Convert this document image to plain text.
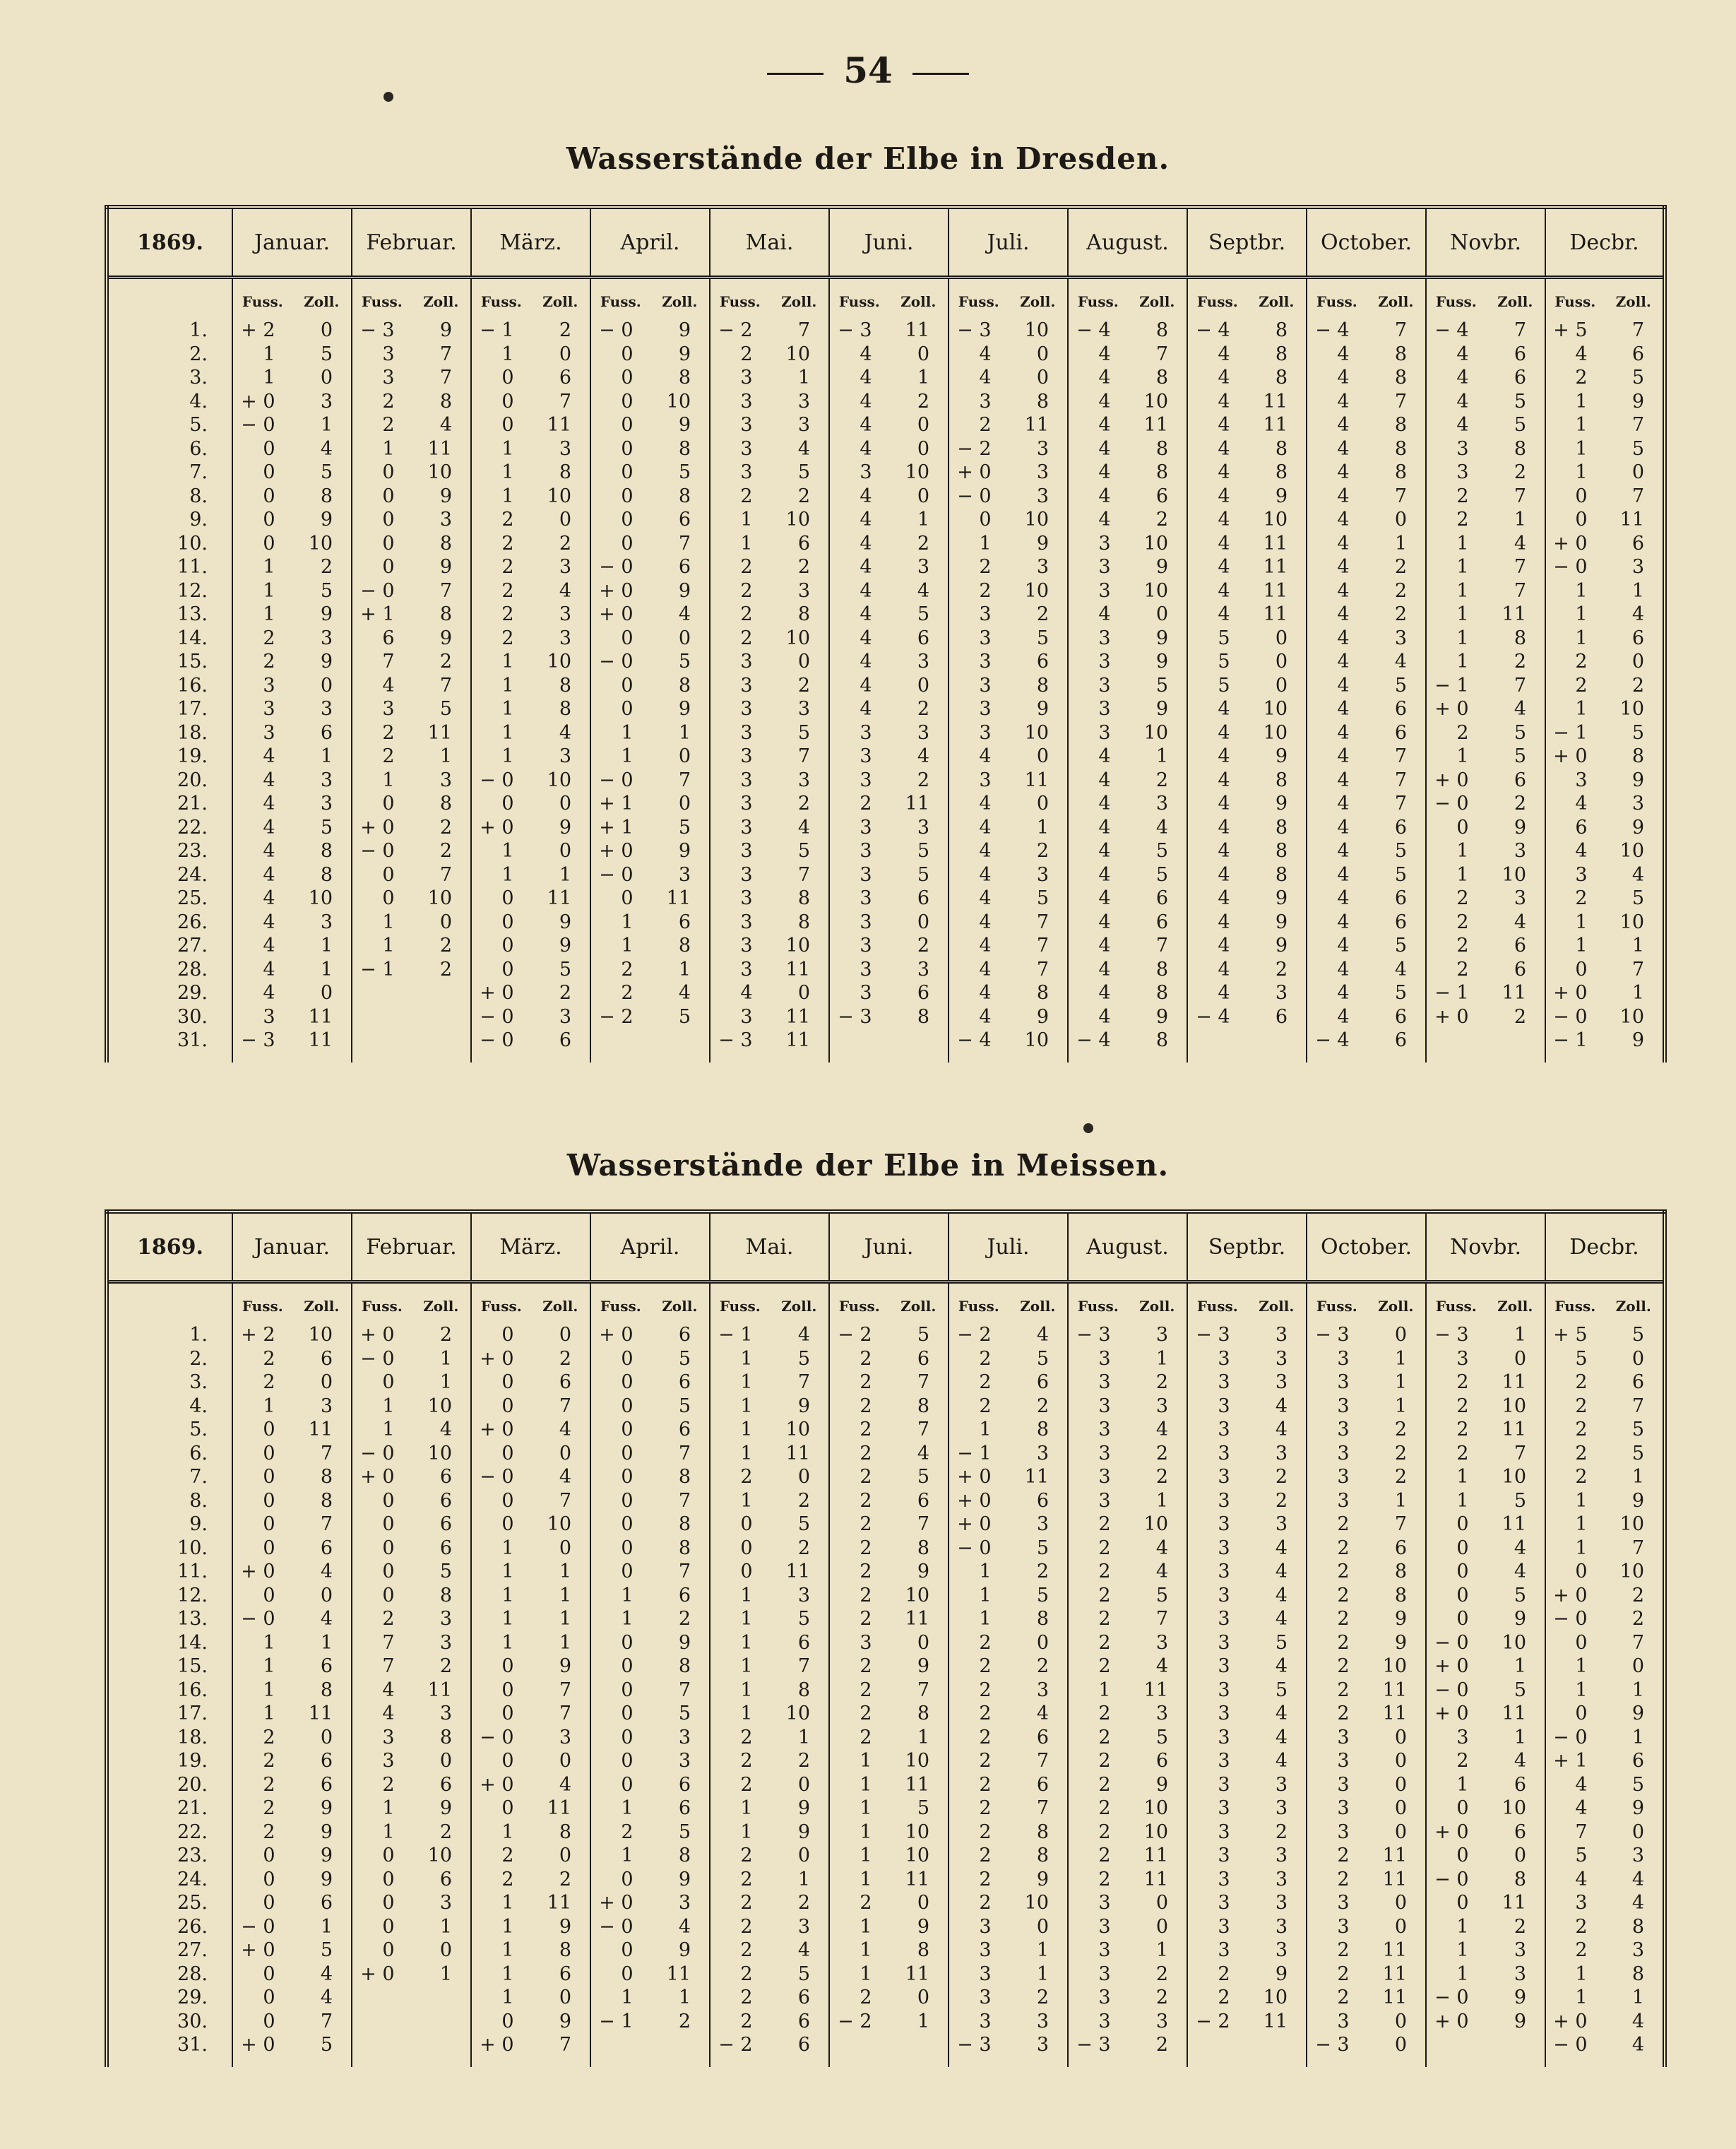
54
Wasserstände der Elbe in Dresden.
1869.	Januar.	Februar.	März.	April.	Mai.	Juni.	Juli.	August.	Septbr.	October.	Novbr.	Decbr.

	Fuss. Zoll.	Fuss. Zoll.	Fuss. Zoll.	Fuss. Zoll.	Fuss. Zoll.	Fuss. Zoll.	Fuss. Zoll.	Fuss. Zoll.	Fuss. Zoll.	Fuss. Zoll.	Fuss. Zoll.	Fuss. Zoll.

1.	+ 2 0	− 3 9	− 1 2	− 0 9	− 2 7	− 3 11	− 3 10	− 4 8	− 4 8	− 4 7	− 4 7	+ 5 7

2.	1 5	3 7	1 0	0 9	2 10	4 0	4 0	4 7	4 8	4 8	4 6	4 6

3.	1 0	3 7	0 6	0 8	3 1	4 1	4 0	4 8	4 8	4 8	4 6	2 5

4.	+ 0 3	2 8	0 7	0 10	3 3	4 2	3 8	4 10	4 11	4 7	4 5	1 9

5.	− 0 1	2 4	0 11	0 9	3 3	4 0	2 11	4 11	4 11	4 8	4 5	1 7

6.	0 4	1 11	1 3	0 8	3 4	4 0	− 2 3	4 8	4 8	4 8	3 8	1 5

7.	0 5	0 10	1 8	0 5	3 5	3 10	+ 0 3	4 8	4 8	4 8	3 2	1 0

8.	0 8	0 9	1 10	0 8	2 2	4 0	− 0 3	4 6	4 9	4 7	2 7	0 7

9.	0 9	0 3	2 0	0 6	1 10	4 1	0 10	4 2	4 10	4 0	2 1	0 11

10.	0 10	0 8	2 2	0 7	1 6	4 2	1 9	3 10	4 11	4 1	1 4	+ 0 6

11.	1 2	0 9	2 3	− 0 6	2 2	4 3	2 3	3 9	4 11	4 2	1 7	− 0 3

12.	1 5	− 0 7	2 4	+ 0 9	2 3	4 4	2 10	3 10	4 11	4 2	1 7	1 1

13.	1 9	+ 1 8	2 3	+ 0 4	2 8	4 5	3 2	4 0	4 11	4 2	1 11	1 4

14.	2 3	6 9	2 3	0 0	2 10	4 6	3 5	3 9	5 0	4 3	1 8	1 6

15.	2 9	7 2	1 10	− 0 5	3 0	4 3	3 6	3 9	5 0	4 4	1 2	2 0

16.	3 0	4 7	1 8	0 8	3 2	4 0	3 8	3 5	5 0	4 5	− 1 7	2 2

17.	3 3	3 5	1 8	0 9	3 3	4 2	3 9	3 9	4 10	4 6	+ 0 4	1 10

18.	3 6	2 11	1 4	1 1	3 5	3 3	3 10	3 10	4 10	4 6	2 5	− 1 5

19.	4 1	2 1	1 3	1 0	3 7	3 4	4 0	4 1	4 9	4 7	1 5	+ 0 8

20.	4 3	1 3	− 0 10	− 0 7	3 3	3 2	3 11	4 2	4 8	4 7	+ 0 6	3 9

21.	4 3	0 8	0 0	+ 1 0	3 2	2 11	4 0	4 3	4 9	4 7	− 0 2	4 3

22.	4 5	+ 0 2	+ 0 9	+ 1 5	3 4	3 3	4 1	4 4	4 8	4 6	0 9	6 9

23.	4 8	− 0 2	1 0	+ 0 9	3 5	3 5	4 2	4 5	4 8	4 5	1 3	4 10

24.	4 8	0 7	1 1	− 0 3	3 7	3 5	4 3	4 5	4 8	4 5	1 10	3 4

25.	4 10	0 10	0 11	0 11	3 8	3 6	4 5	4 6	4 9	4 6	2 3	2 5

26.	4 3	1 0	0 9	1 6	3 8	3 0	4 7	4 6	4 9	4 6	2 4	1 10

27.	4 1	1 2	0 9	1 8	3 10	3 2	4 7	4 7	4 9	4 5	2 6	1 1

28.	4 1	− 1 2	0 5	2 1	3 11	3 3	4 7	4 8	4 2	4 4	2 6	0 7

29.	4 0		+ 0 2	2 4	4 0	3 6	4 8	4 8	4 3	4 5	− 1 11	+ 0 1

30.	3 11		− 0 3	− 2 5	3 11	− 3 8	4 9	4 9	− 4 6	4 6	+ 0 2	− 0 10

31.	− 3 11		− 0 6		− 3 11		− 4 10	− 4 8		− 4 6		− 1 9
Wasserstände der Elbe in Meissen.
1869.	Januar.	Februar.	März.	April.	Mai.	Juni.	Juli.	August.	Septbr.	October.	Novbr.	Decbr.

	Fuss. Zoll.	Fuss. Zoll.	Fuss. Zoll.	Fuss. Zoll.	Fuss. Zoll.	Fuss. Zoll.	Fuss. Zoll.	Fuss. Zoll.	Fuss. Zoll.	Fuss. Zoll.	Fuss. Zoll.	Fuss. Zoll.

1.	+ 2 10	+ 0 2	0 0	+ 0 6	− 1 4	− 2 5	− 2 4	− 3 3	− 3 3	− 3 0	− 3 1	+ 5 5

2.	2 6	− 0 1	+ 0 2	0 5	1 5	2 6	2 5	3 1	3 3	3 1	3 0	5 0

3.	2 0	0 1	0 6	0 6	1 7	2 7	2 6	3 2	3 3	3 1	2 11	2 6

4.	1 3	1 10	0 7	0 5	1 9	2 8	2 2	3 3	3 4	3 1	2 10	2 7

5.	0 11	1 4	+ 0 4	0 6	1 10	2 7	1 8	3 4	3 4	3 2	2 11	2 5

6.	0 7	− 0 10	0 0	0 7	1 11	2 4	− 1 3	3 2	3 3	3 2	2 7	2 5

7.	0 8	+ 0 6	− 0 4	0 8	2 0	2 5	+ 0 11	3 2	3 2	3 2	1 10	2 1

8.	0 8	0 6	0 7	0 7	1 2	2 6	+ 0 6	3 1	3 2	3 1	1 5	1 9

9.	0 7	0 6	0 10	0 8	0 5	2 7	+ 0 3	2 10	3 3	2 7	0 11	1 10

10.	0 6	0 6	1 0	0 8	0 2	2 8	− 0 5	2 4	3 4	2 6	0 4	1 7

11.	+ 0 4	0 5	1 1	0 7	0 11	2 9	1 2	2 4	3 4	2 8	0 4	0 10

12.	0 0	0 8	1 1	1 6	1 3	2 10	1 5	2 5	3 4	2 8	0 5	+ 0 2

13.	− 0 4	2 3	1 1	1 2	1 5	2 11	1 8	2 7	3 4	2 9	0 9	− 0 2

14.	1 1	7 3	1 1	0 9	1 6	3 0	2 0	2 3	3 5	2 9	− 0 10	0 7

15.	1 6	7 2	0 9	0 8	1 7	2 9	2 2	2 4	3 4	2 10	+ 0 1	1 0

16.	1 8	4 11	0 7	0 7	1 8	2 7	2 3	1 11	3 5	2 11	− 0 5	1 1

17.	1 11	4 3	0 7	0 5	1 10	2 8	2 4	2 3	3 4	2 11	+ 0 11	0 9

18.	2 0	3 8	− 0 3	0 3	2 1	2 1	2 6	2 5	3 4	3 0	3 1	− 0 1

19.	2 6	3 0	0 0	0 3	2 2	1 10	2 7	2 6	3 4	3 0	2 4	+ 1 6

20.	2 6	2 6	+ 0 4	0 6	2 0	1 11	2 6	2 9	3 3	3 0	1 6	4 5

21.	2 9	1 9	0 11	1 6	1 9	1 5	2 7	2 10	3 3	3 0	0 10	4 9

22.	2 9	1 2	1 8	2 5	1 9	1 10	2 8	2 10	3 2	3 0	+ 0 6	7 0

23.	0 9	0 10	2 0	1 8	2 0	1 10	2 8	2 11	3 3	2 11	0 0	5 3

24.	0 9	0 6	2 2	0 9	2 1	1 11	2 9	2 11	3 3	2 11	− 0 8	4 4

25.	0 6	0 3	1 11	+ 0 3	2 2	2 0	2 10	3 0	3 3	3 0	0 11	3 4

26.	− 0 1	0 1	1 9	− 0 4	2 3	1 9	3 0	3 0	3 3	3 0	1 2	2 8

27.	+ 0 5	0 0	1 8	0 9	2 4	1 8	3 1	3 1	3 3	2 11	1 3	2 3

28.	0 4	+ 0 1	1 6	0 11	2 5	1 11	3 1	3 2	2 9	2 11	1 3	1 8

29.	0 4		1 0	1 1	2 6	2 0	3 2	3 2	2 10	2 11	− 0 9	1 1

30.	0 7		0 9	− 1 2	2 6	− 2 1	3 3	3 3	− 2 11	3 0	+ 0 9	+ 0 4

31.	+ 0 5		+ 0 7		− 2 6		− 3 3	− 3 2		− 3 0		− 0 4
